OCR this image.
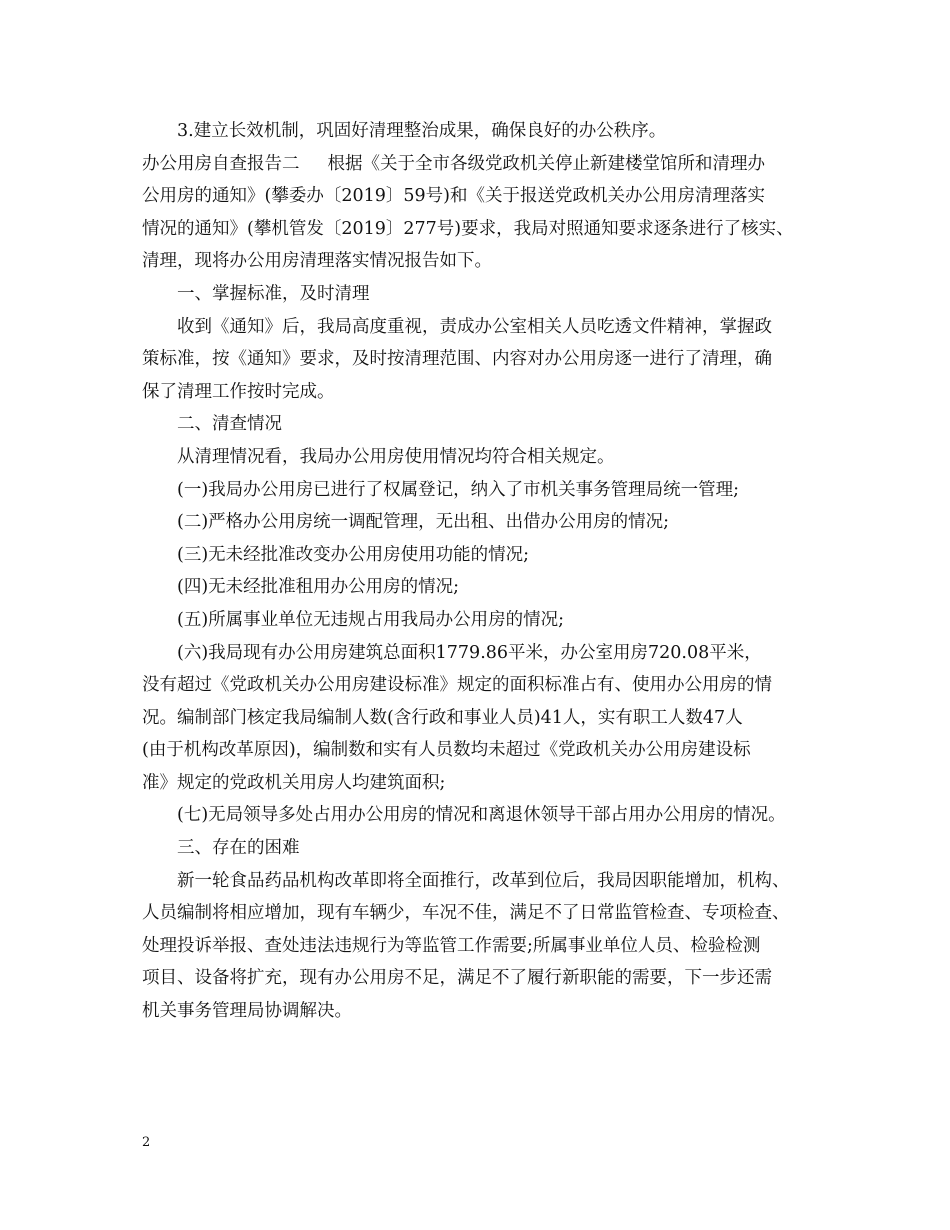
3.建立长效机制，巩固好清理整治成果，确保良好的办公秩序。
办公用房自查报告二 根据《关于全市各级党政机关停止新建楼堂馆所和清理办
公用房的通知》(攀委办〔2019〕59号)和《关于报送党政机关办公用房清理落实
情况的通知》(攀机管发〔2019〕277号)要求，我局对照通知要求逐条进行了核实、
清理，现将办公用房清理落实情况报告如下。
一、掌握标准，及时清理
收到《通知》后，我局高度重视，责成办公室相关人员吃透文件精神，掌握政
策标准，按《通知》要求，及时按清理范围、内容对办公用房逐一进行了清理，确
保了清理工作按时完成。
二、清查情况
从清理情况看，我局办公用房使用情况均符合相关规定。
(一)我局办公用房已进行了权属登记，纳入了市机关事务管理局统一管理;
(二)严格办公用房统一调配管理，无出租、出借办公用房的情况;
(三)无未经批准改变办公用房使用功能的情况;
(四)无未经批准租用办公用房的情况;
(五)所属事业单位无违规占用我局办公用房的情况;
(六)我局现有办公用房建筑总面积1779.86平米，办公室用房720.08平米，
没有超过《党政机关办公用房建设标准》规定的面积标准占有、使用办公用房的情
况。编制部门核定我局编制人数(含行政和事业人员)41人，实有职工人数47人
(由于机构改革原因)，编制数和实有人员数均未超过《党政机关办公用房建设标
准》规定的党政机关用房人均建筑面积;
(七)无局领导多处占用办公用房的情况和离退休领导干部占用办公用房的情况。
三、存在的困难
新一轮食品药品机构改革即将全面推行，改革到位后，我局因职能增加，机构、
人员编制将相应增加，现有车辆少，车况不佳，满足不了日常监管检查、专项检查、
处理投诉举报、查处违法违规行为等监管工作需要;所属事业单位人员、检验检测
项目、设备将扩充，现有办公用房不足，满足不了履行新职能的需要，下一步还需
机关事务管理局协调解决。
2
